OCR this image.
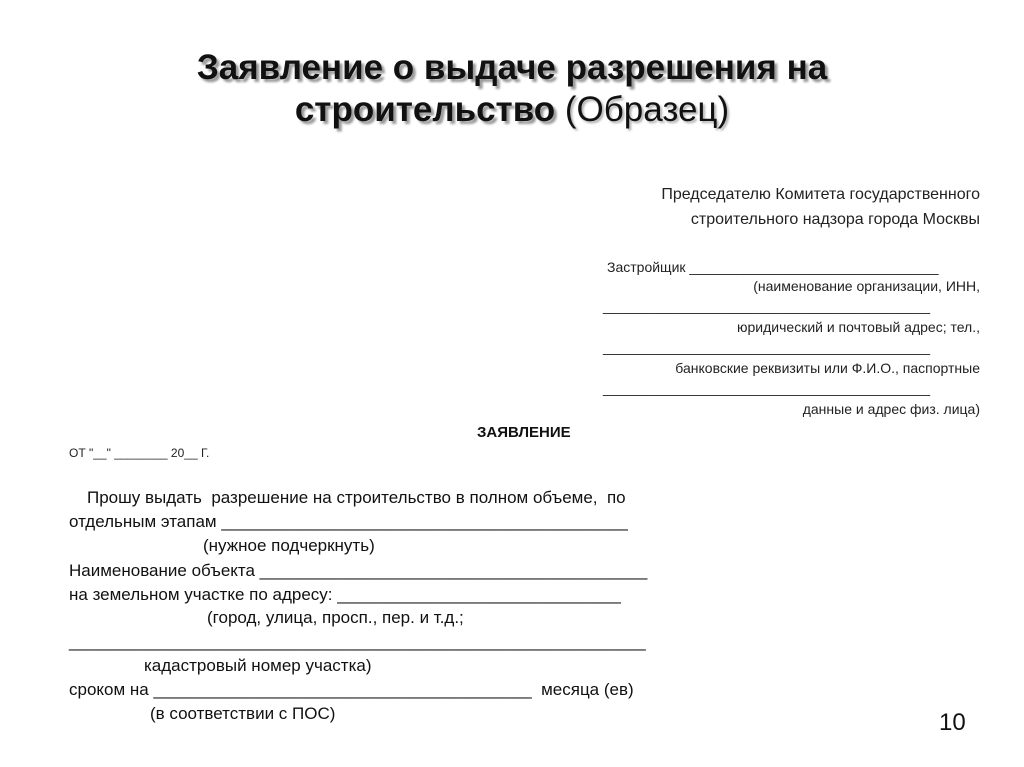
Заявление о выдаче разрешения на
строительство (Образец)
Председателю Комитета государственного
строительного надзора города Москвы
Застройщик ________________________________
(наименование организации, ИНН,
__________________________________________
юридический и почтовый адрес; тел.,
__________________________________________
банковские реквизиты или Ф.И.О., паспортные
__________________________________________
данные и адрес физ. лица)
ЗАЯВЛЕНИЕ
ОТ "__" ________ 20__ Г.
Прошу выдать  разрешение на строительство в полном объеме,  по
отдельным этапам ___________________________________________
(нужное подчеркнуть)
Наименование объекта _________________________________________
на земельном участке по адресу: ______________________________
(город, улица, просп., пер. и т.д.;
_____________________________________________________________
кадастровый номер участка)
сроком на ________________________________________  месяца (ев)
(в соответствии с ПОС)	10
